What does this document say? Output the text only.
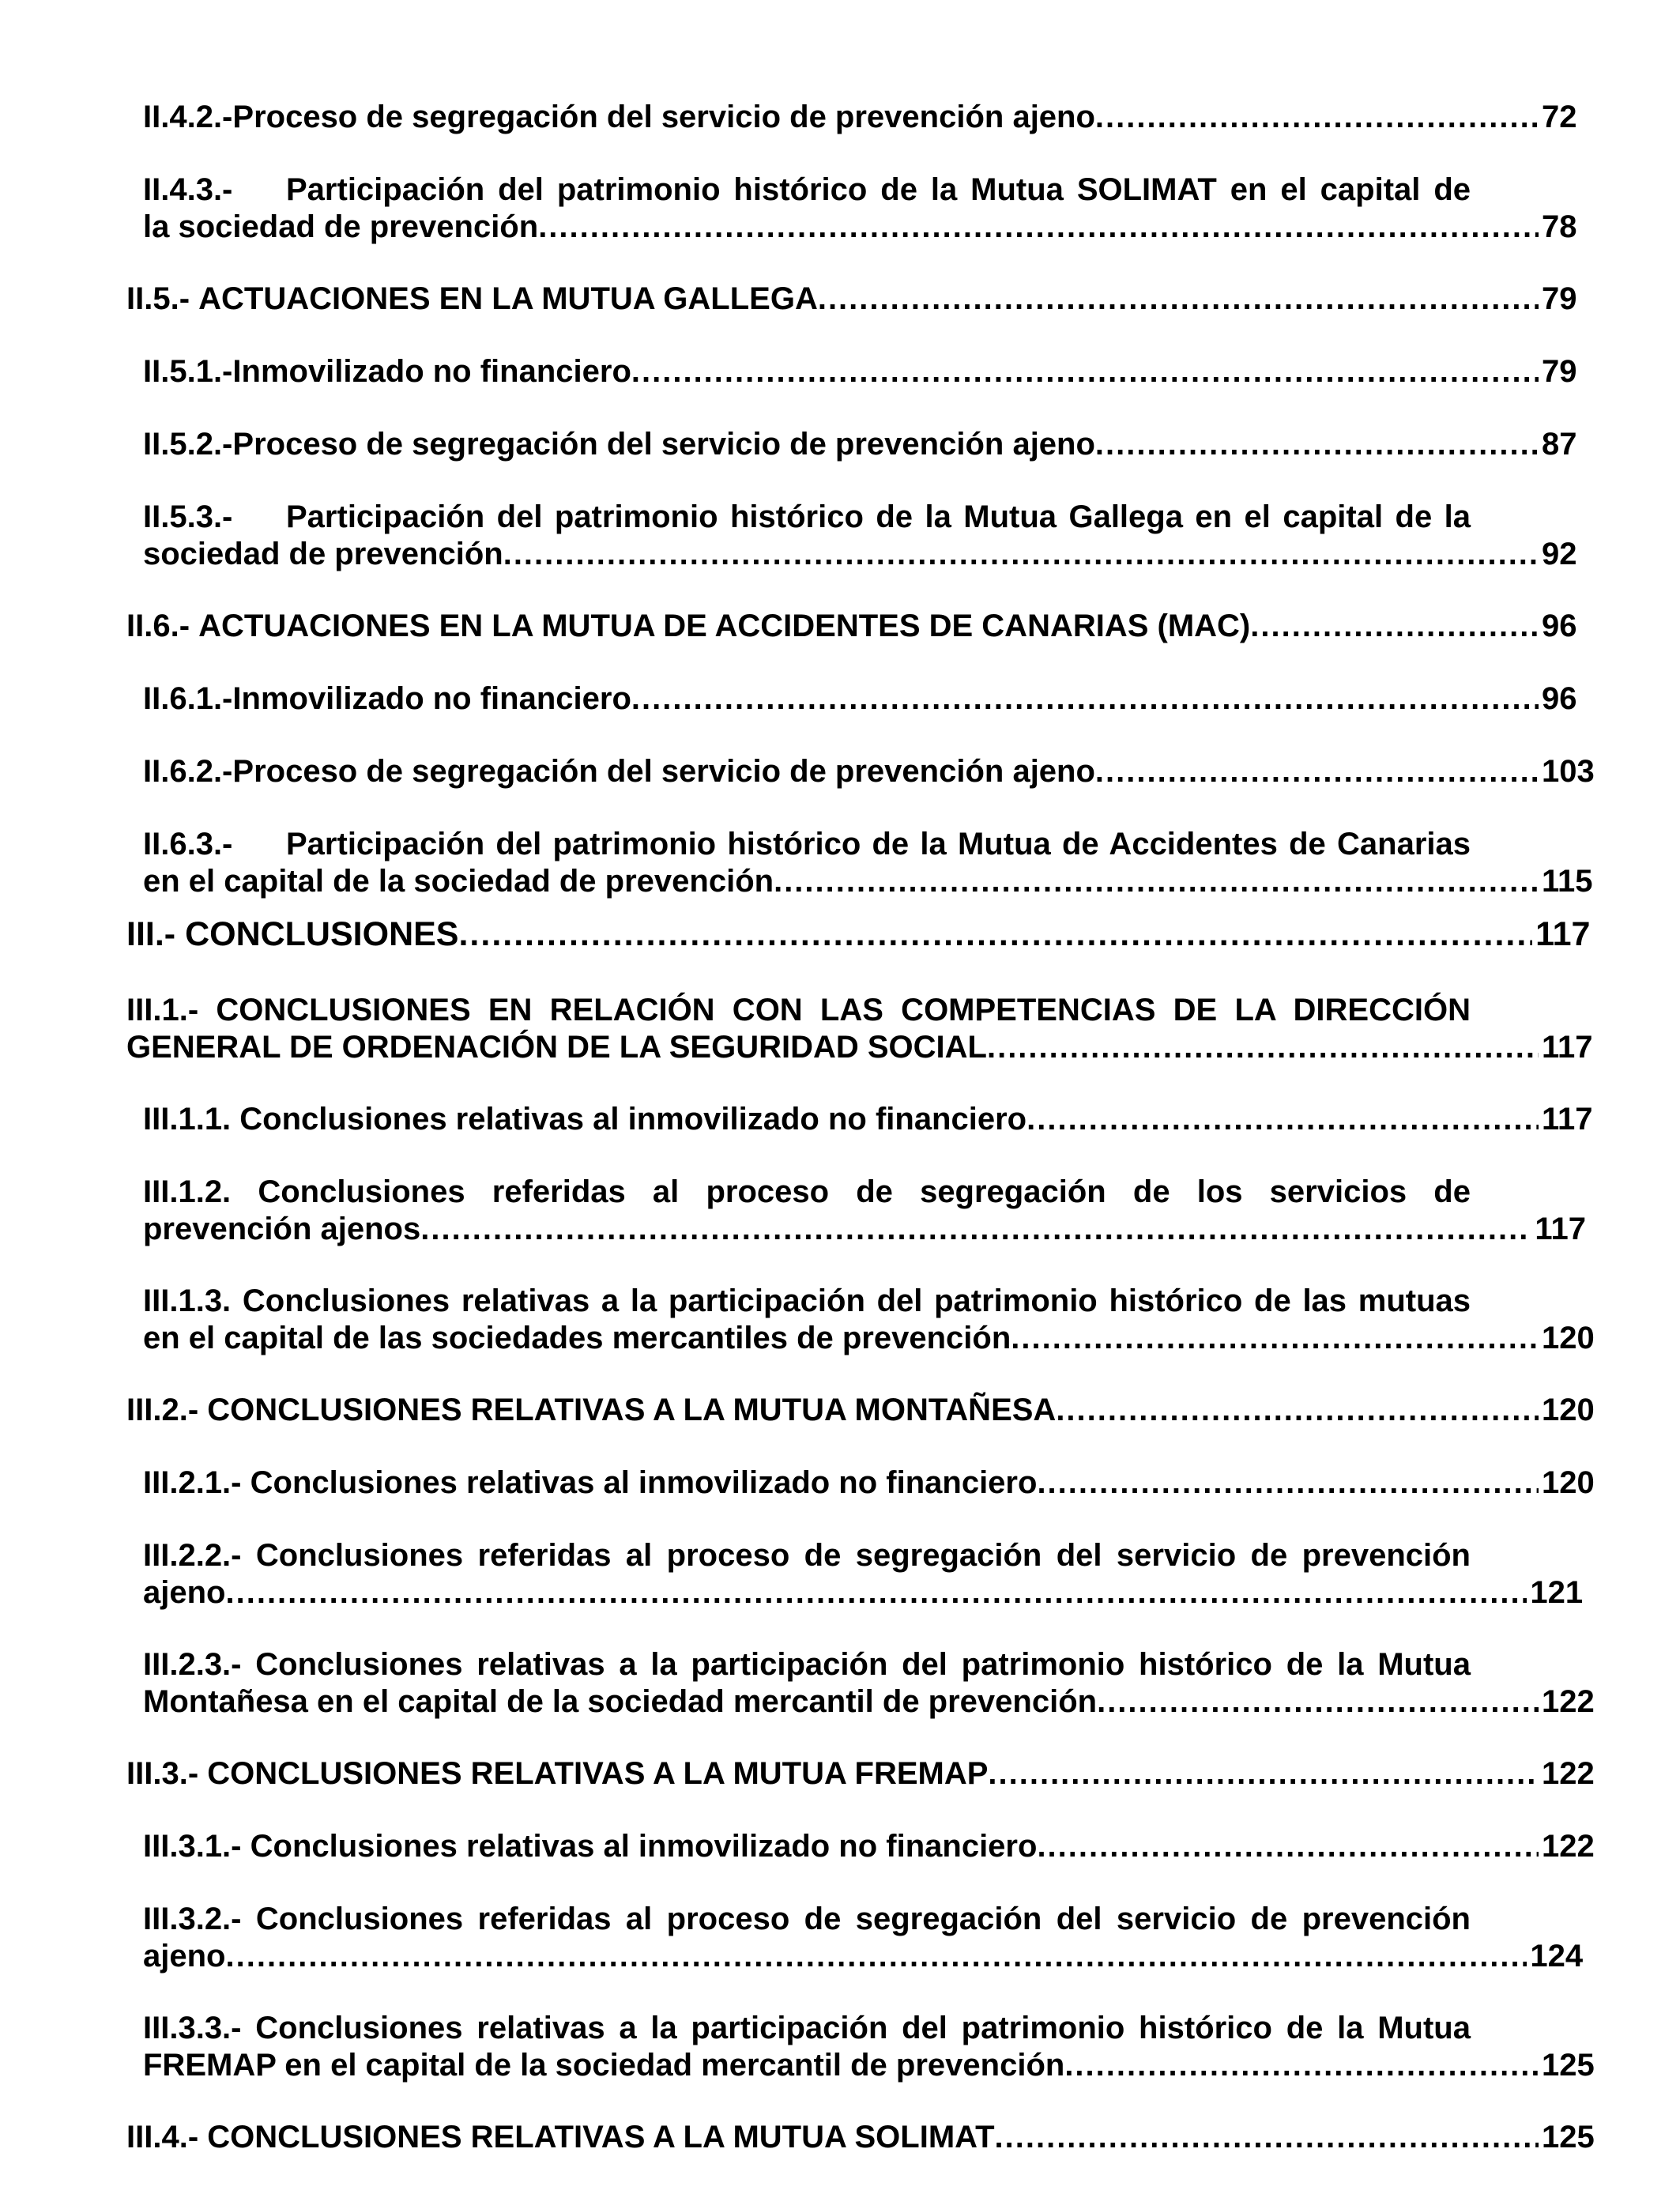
II.4.2.- Proceso de segregación del servicio de prevención ajeno .....	72
II.4.3.- Participación del patrimonio histórico de la Mutua SOLIMAT en el capital de
la sociedad de prevención .....	78
II.5.-
ACTUACIONES EN LA MUTUA GALLEGA .....	79
II.5.1.- Inmovilizado no financiero .....	79
II.5.2.- Proceso de segregación del servicio de prevención ajeno .....	87
II.5.3.- Participación del patrimonio histórico de la Mutua Gallega en el capital de la
sociedad de prevención .....	92
II.6.-
ACTUACIONES EN LA MUTUA DE ACCIDENTES DE CANARIAS (MAC) .....	96
II.6.1.- Inmovilizado no financiero .....	96
II.6.2.- Proceso de segregación del servicio de prevención ajeno .....	103
II.6.3.- Participación del patrimonio histórico de la Mutua de Accidentes de Canarias
en el capital de la sociedad de prevención .....	115
III.-
CONCLUSIONES .....	117
III.1.- CONCLUSIONES EN RELACIÓN CON LAS COMPETENCIAS DE LA DIRECCIÓN
GENERAL DE ORDENACIÓN DE LA SEGURIDAD SOCIAL .....	117
III.1.1.
Conclusiones relativas al inmovilizado no financiero .....	117
III.1.2. Conclusiones referidas al proceso de segregación de los servicios de
prevención ajenos .....	117
III.1.3. Conclusiones relativas a la participación del patrimonio histórico de las mutuas
en el capital de las sociedades mercantiles de prevención .....	120
III.2.-
CONCLUSIONES RELATIVAS A LA MUTUA MONTAÑESA .....	120
III.2.1.-
Conclusiones relativas al inmovilizado no financiero .....	120
III.2.2.- Conclusiones referidas al proceso de segregación del servicio de prevención
ajeno .....	121
III.2.3.- Conclusiones relativas a la participación del patrimonio histórico de la Mutua
Montañesa en el capital de la sociedad mercantil de prevención .....	122
III.3.-
CONCLUSIONES RELATIVAS A LA MUTUA FREMAP .....	122
III.3.1.-
Conclusiones relativas al inmovilizado no financiero .....	122
III.3.2.- Conclusiones referidas al proceso de segregación del servicio de prevención
ajeno .....	124
III.3.3.- Conclusiones relativas a la participación del patrimonio histórico de la Mutua
FREMAP en el capital de la sociedad mercantil de prevención .....	125
III.4.-
CONCLUSIONES RELATIVAS A LA MUTUA SOLIMAT .....	125
